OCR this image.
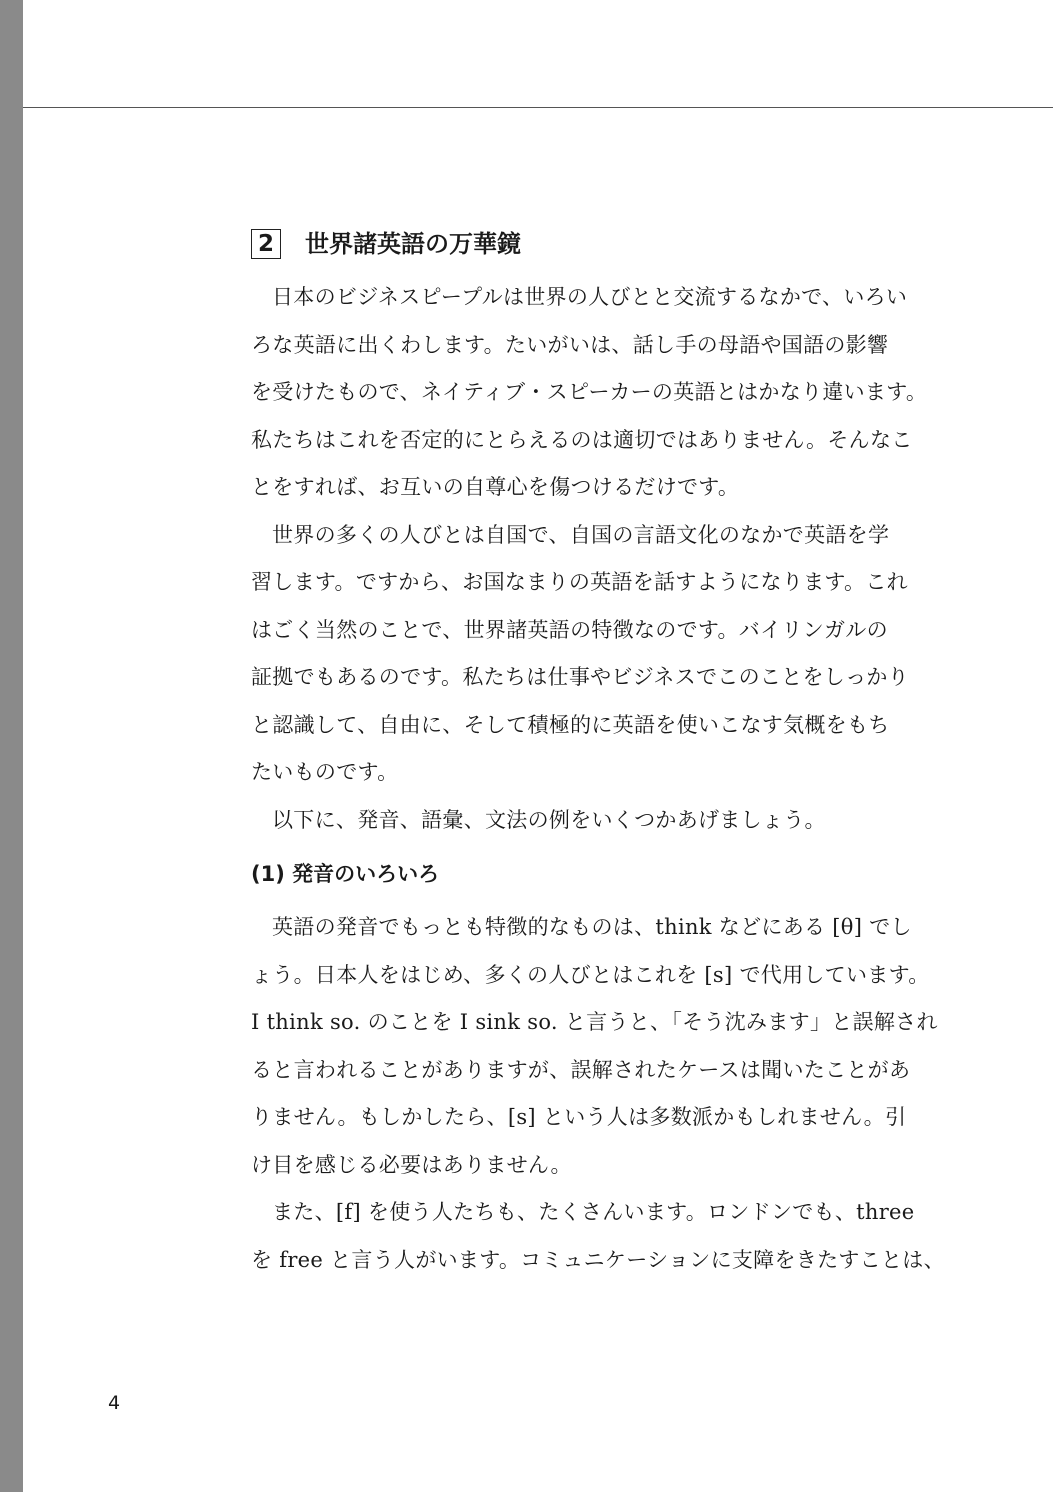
2 世界諸英語の万華鏡

日本のビジネスピープルは世界の人びとと交流するなかで、いろい
ろな英語に出くわします。たいがいは、話し手の母語や国語の影響
を受けたもので、ネイティブ・スピーカーの英語とはかなり違います。
私たちはこれを否定的にとらえるのは適切ではありません。そんなこ
とをすれば、お互いの自尊心を傷つけるだけです。

世界の多くの人びとは自国で、自国の言語文化のなかで英語を学
習します。ですから、お国なまりの英語を話すようになります。これ
はごく当然のことで、世界諸英語の特徴なのです。バイリンガルの
証拠でもあるのです。私たちは仕事やビジネスでこのことをしっかり
と認識して、自由に、そして積極的に英語を使いこなす気概をもち
たいものです。

以下に、発音、語彙、文法の例をいくつかあげましょう。

(1) 発音のいろいろ

英語の発音でもっとも特徴的なものは、think などにある [θ] でし
ょう。日本人をはじめ、多くの人びとはこれを [s] で代用しています。
I think so. のことを I sink so. と言うと、「そう沈みます」と誤解され
ると言われることがありますが、誤解されたケースは聞いたことがあ
りません。もしかしたら、[s] という人は多数派かもしれません。引
け目を感じる必要はありません。

また、[f] を使う人たちも、たくさんいます。ロンドンでも、three
を free と言う人がいます。コミュニケーションに支障をきたすことは、

4
